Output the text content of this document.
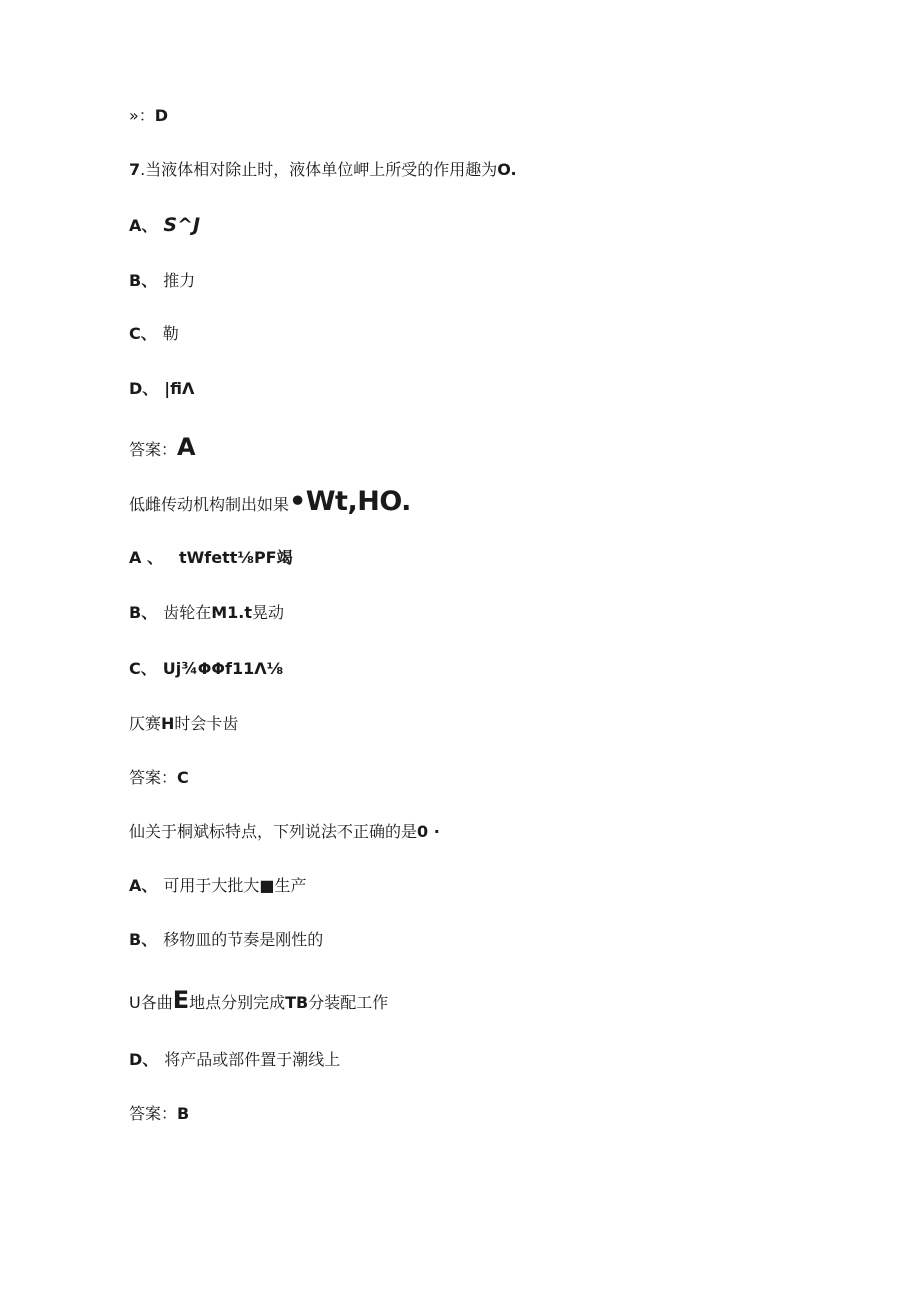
»：D
7.当液体相对除止时，液体单位岬上所受的作用趣为O.
A、 S^J
B、 推力
C、 勒
D、 |fiΛ
答案：A
低雌传动机构制出如果•Wt,HO.
A 、 tWfett⅛PF竭
B、 齿轮在M1.t晃动
C、 Uj¾ΦΦf11Λ⅛
仄赛H时会卡齿
答案：C
仙关于桐斌标特点，下列说法不正确的是0 ·
A、 可用于大批大■生产
B、 移物皿的节奏是刚性的
U各曲E地点分别完成TB分装配工作
D、 将产品或部件置于潮线上
答案：B
